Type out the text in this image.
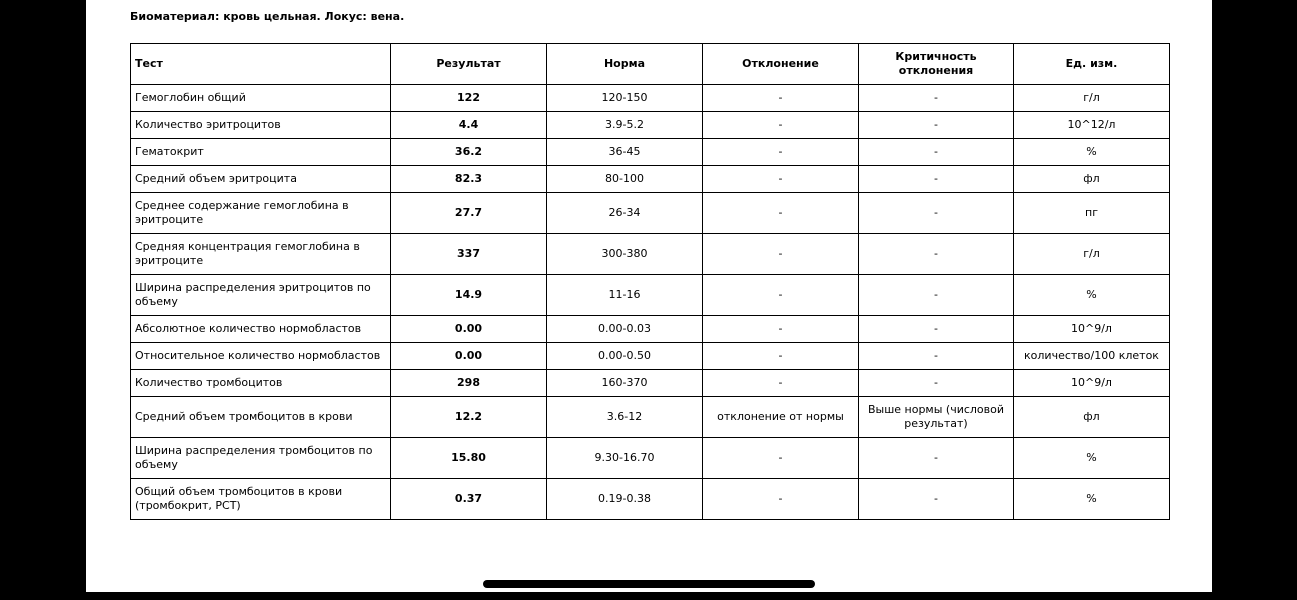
Биоматериал: кровь цельная. Локус: вена.
Тест	Результат	Норма	Отклонение	Критичность отклонения	Ед. изм.
Гемоглобин общий	122	120-150	-	-	г/л
Количество эритроцитов	4.4	3.9-5.2	-	-	10^12/л
Гематокрит	36.2	36-45	-	-	%
Средний объем эритроцита	82.3	80-100	-	-	фл
Среднее содержание гемоглобина в эритроците	27.7	26-34	-	-	пг
Средняя концентрация гемоглобина в эритроците	337	300-380	-	-	г/л
Ширина распределения эритроцитов по объему	14.9	11-16	-	-	%
Абсолютное количество нормобластов	0.00	0.00-0.03	-	-	10^9/л
Относительное количество нормобластов	0.00	0.00-0.50	-	-	количество/100 клеток
Количество тромбоцитов	298	160-370	-	-	10^9/л
Средний объем тромбоцитов в крови	12.2	3.6-12	отклонение от нормы	Выше нормы (числовой результат)	фл
Ширина распределения тромбоцитов по объему	15.80	9.30-16.70	-	-	%
Общий объем тромбоцитов в крови (тромбокрит, PCT)	0.37	0.19-0.38	-	-	%
